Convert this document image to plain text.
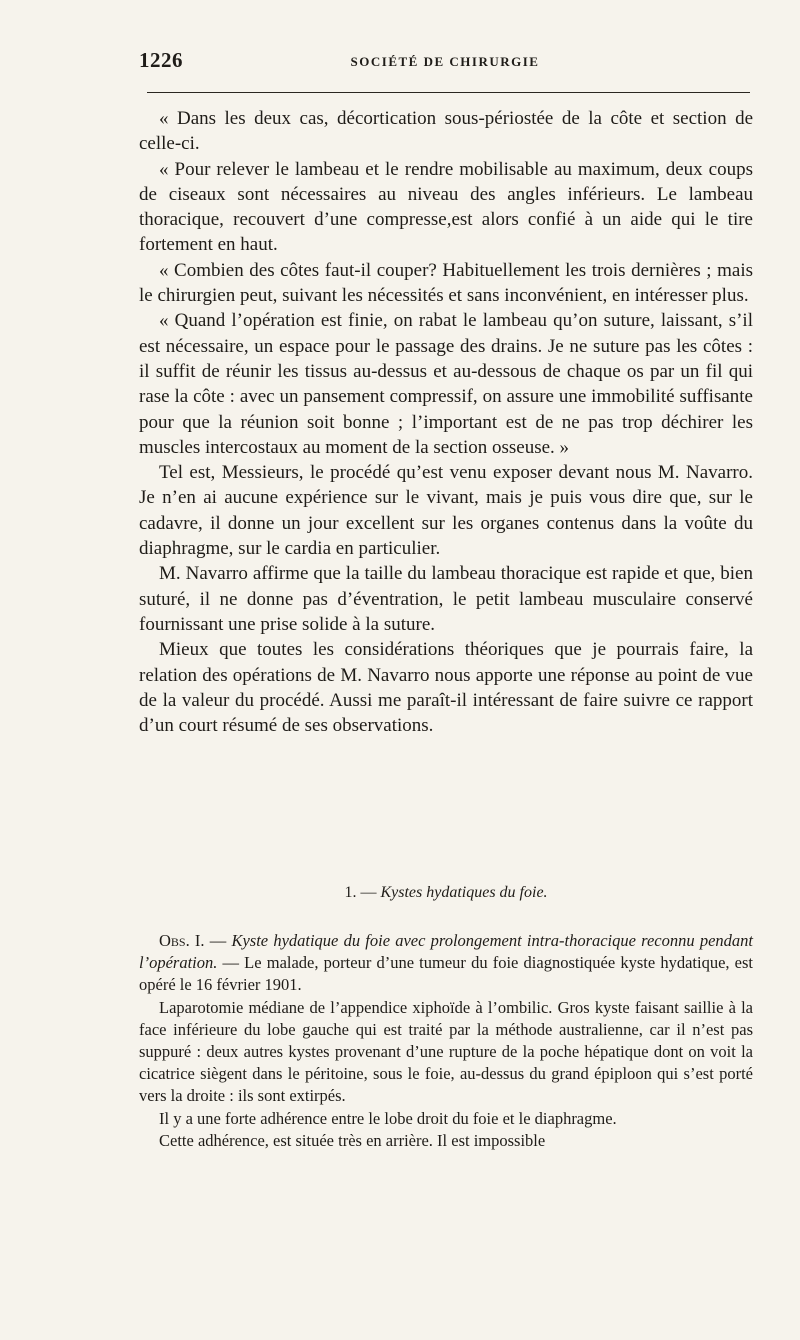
1226	SOCIÉTÉ DE CHIRURGIE

« Dans les deux cas, décortication sous-périostée de la côte et section de celle-ci.

« Pour relever le lambeau et le rendre mobilisable au maximum, deux coups de ciseaux sont nécessaires au niveau des angles inférieurs. Le lambeau thoracique, recouvert d’une compresse,est alors confié à un aide qui le tire fortement en haut.

« Combien des côtes faut-il couper? Habituellement les trois dernières ; mais le chirurgien peut, suivant les nécessités et sans inconvénient, en intéresser plus.

« Quand l’opération est finie, on rabat le lambeau qu’on suture, laissant, s’il est nécessaire, un espace pour le passage des drains. Je ne suture pas les côtes : il suffit de réunir les tissus au-dessus et au-dessous de chaque os par un fil qui rase la côte : avec un pansement compressif, on assure une immobilité suffisante pour que la réunion soit bonne ; l’important est de ne pas trop déchirer les muscles intercostaux au moment de la section osseuse. »

Tel est, Messieurs, le procédé qu’est venu exposer devant nous M. Navarro. Je n’en ai aucune expérience sur le vivant, mais je puis vous dire que, sur le cadavre, il donne un jour excellent sur les organes contenus dans la voûte du diaphragme, sur le cardia en particulier.

M. Navarro affirme que la taille du lambeau thoracique est rapide et que, bien suturé, il ne donne pas d’éventration, le petit lambeau musculaire conservé fournissant une prise solide à la suture.

Mieux que toutes les considérations théoriques que je pourrais faire, la relation des opérations de M. Navarro nous apporte une réponse au point de vue de la valeur du procédé. Aussi me paraît-il intéressant de faire suivre ce rapport d’un court résumé de ses observations.

1. — Kystes hydatiques du foie.

Obs. I. — Kyste hydatique du foie avec prolongement intra-thoracique reconnu pendant l’opération. — Le malade, porteur d’une tumeur du foie diagnostiquée kyste hydatique, est opéré le 16 février 1901.

Laparotomie médiane de l’appendice xiphoïde à l’ombilic. Gros kyste faisant saillie à la face inférieure du lobe gauche qui est traité par la méthode australienne, car il n’est pas suppuré : deux autres kystes provenant d’une rupture de la poche hépatique dont on voit la cicatrice siègent dans le péritoine, sous le foie, au-dessus du grand épiploon qui s’est porté vers la droite : ils sont extirpés.

Il y a une forte adhérence entre le lobe droit du foie et le diaphragme.

Cette adhérence, est située très en arrière. Il est impossible
